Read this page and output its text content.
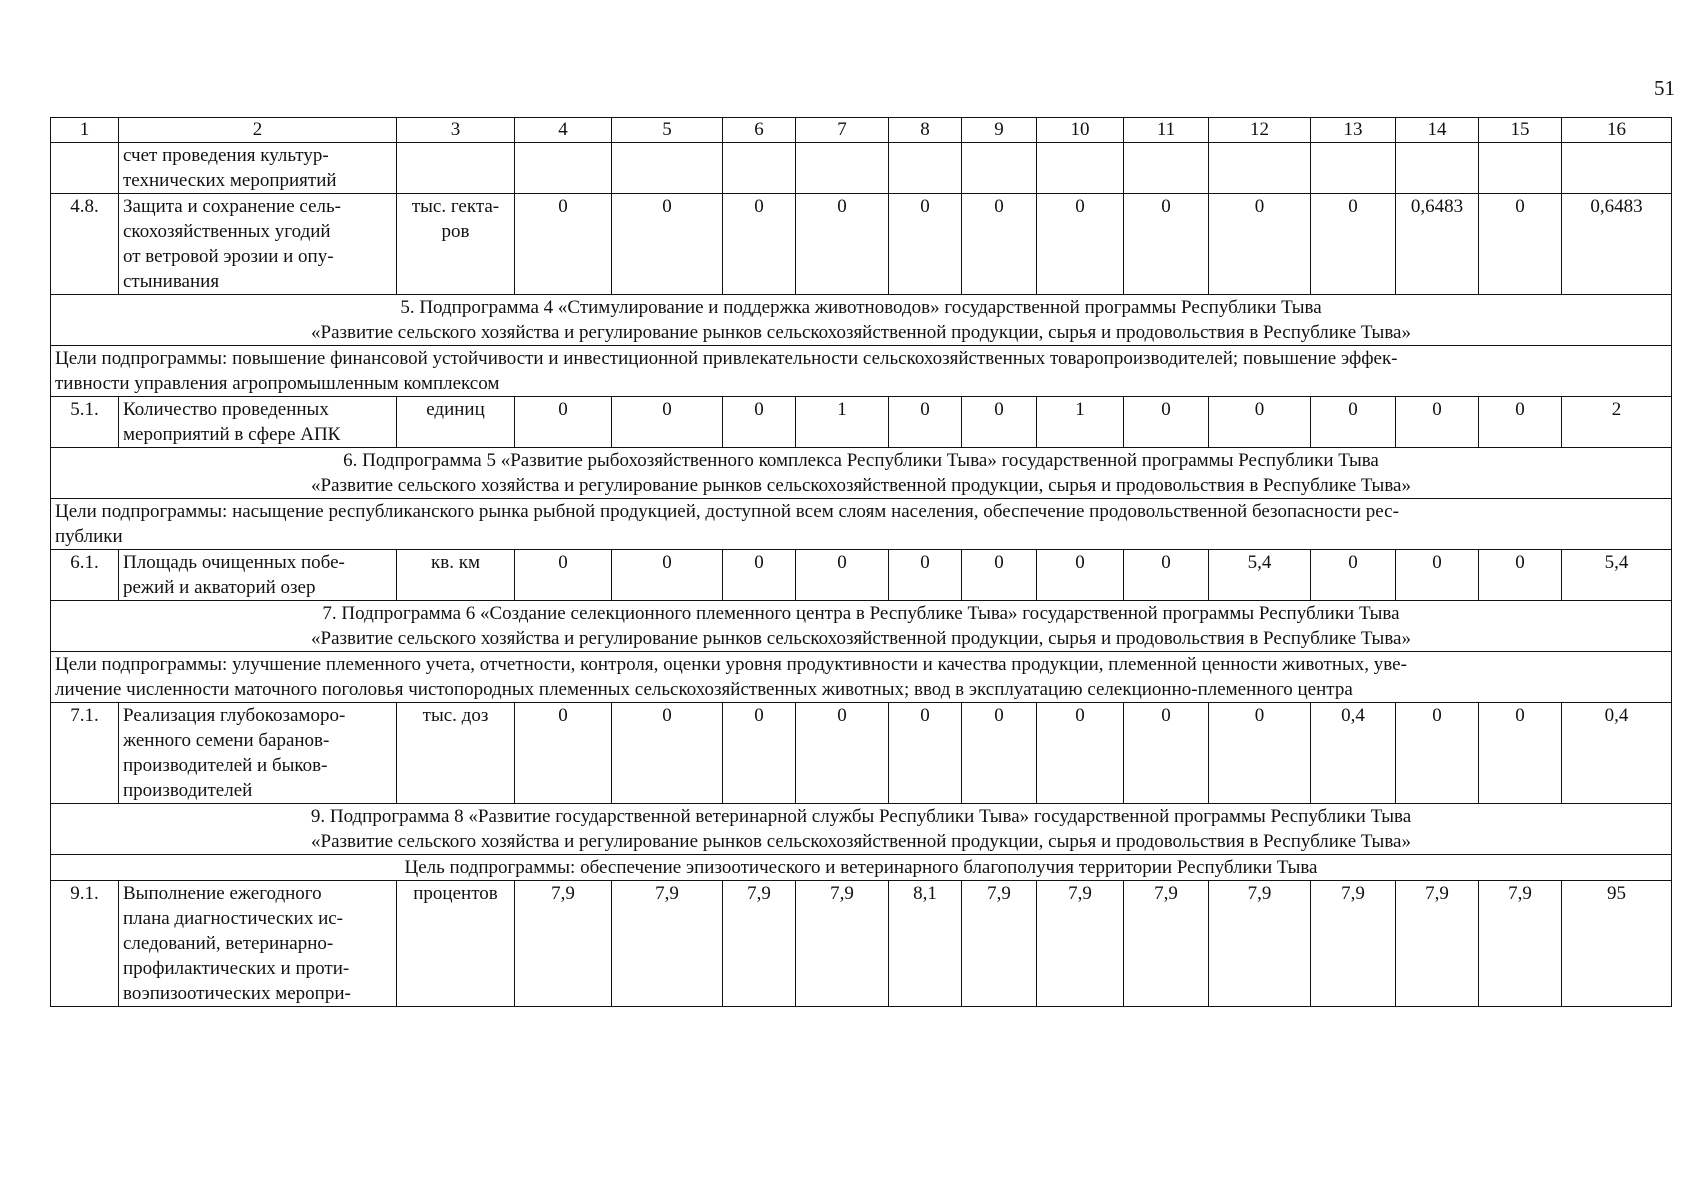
51
1	2	3	4	5	6	7	8	9	10	11	12	13	14	15	16

	счет проведения культур-
технических мероприятий														

4.8.	Защита и сохранение сель-
скохозяйственных угодий
от ветровой эрозии и опу-
стынивания	тыс. гекта-
ров	0	0	0	0	0	0	0	0	0	0	0,6483	0	0,6483

5. Подпрограмма 4 «Стимулирование и поддержка животноводов» государственной программы Республики Тыва
«Развитие сельского хозяйства и регулирование рынков сельскохозяйственной продукции, сырья и продовольствия в Республике Тыва»															

Цели подпрограммы: повышение финансовой устойчивости и инвестиционной привлекательности сельскохозяйственных товаропроизводителей; повышение эффек-
тивности управления агропромышленным комплексом															

5.1.	Количество проведенных
мероприятий в сфере АПК	единиц	0	0	0	1	0	0	1	0	0	0	0	0	2

6. Подпрограмма 5 «Развитие рыбохозяйственного комплекса Республики Тыва» государственной программы Республики Тыва
«Развитие сельского хозяйства и регулирование рынков сельскохозяйственной продукции, сырья и продовольствия в Республике Тыва»															

Цели подпрограммы: насыщение республиканского рынка рыбной продукцией, доступной всем слоям населения, обеспечение продовольственной безопасности рес-
публики															

6.1.	Площадь очищенных побе-
режий и акваторий озер	кв. км	0	0	0	0	0	0	0	0	5,4	0	0	0	5,4

7. Подпрограмма 6 «Создание селекционного племенного центра в Республике Тыва» государственной программы Республики Тыва
«Развитие сельского хозяйства и регулирование рынков сельскохозяйственной продукции, сырья и продовольствия в Республике Тыва»															

Цели подпрограммы: улучшение племенного учета, отчетности, контроля, оценки уровня продуктивности и качества продукции, племенной ценности животных, уве-
личение численности маточного поголовья чистопородных племенных сельскохозяйственных животных; ввод в эксплуатацию селекционно-племенного центра															

7.1.	Реализация глубокозаморо-
женного семени баранов-
производителей и быков-
производителей	тыс. доз	0	0	0	0	0	0	0	0	0	0,4	0	0	0,4

9. Подпрограмма 8 «Развитие государственной ветеринарной службы Республики Тыва» государственной программы Республики Тыва
«Развитие сельского хозяйства и регулирование рынков сельскохозяйственной продукции, сырья и продовольствия в Республике Тыва»															

Цель подпрограммы: обеспечение эпизоотического и ветеринарного благополучия территории Республики Тыва															

9.1.	Выполнение ежегодного
плана диагностических ис-
следований, ветеринарно-
профилактических и проти-
воэпизоотических меропри-	процентов	7,9	7,9	7,9	7,9	8,1	7,9	7,9	7,9	7,9	7,9	7,9	7,9	95
